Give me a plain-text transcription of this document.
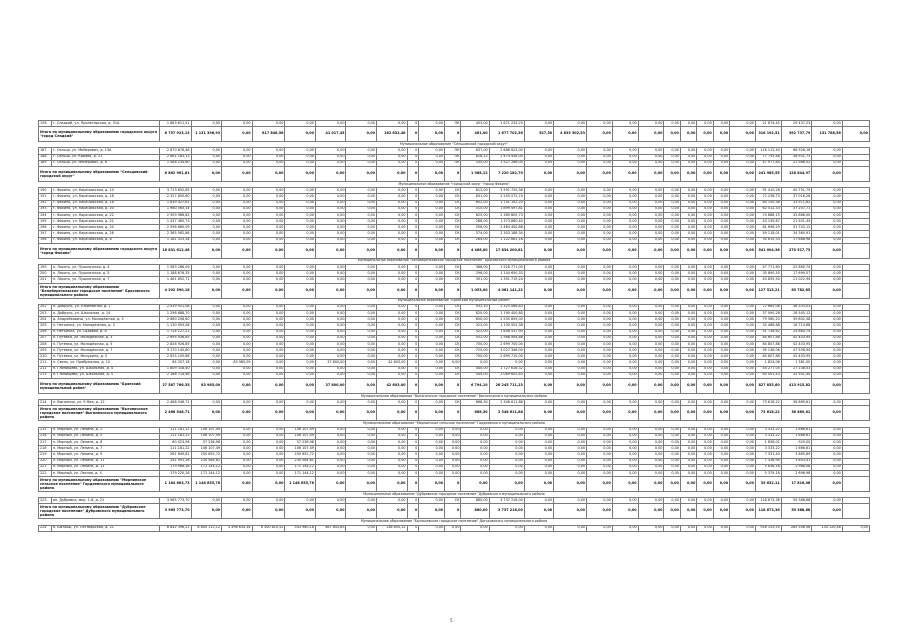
126	г. Сладкий, ул. Пролетарская, д. 31А	1 863 611,51	0,00	0,00	0,00	0,00	0,00	0,00	0,00	0	0,00	ПК	453,00	1 671 233,25	0,00	0,00	0,00	0,00	0,00	0,00	0,00	0,00	0,00	0,00	21 874,45	29 437,23	0,00	
Итого по муниципальному образованию городского округа "город Сладкий"		8 757 923,13	1 131 396,93	0,00	817 848,58	0,00	41 017,45	0,00	182 632,48	0	0,00	X	481,00	1 677 702,36	527,50	4 835 502,53	0,00	0,00	0,00	0,00	0,00	0,00	0,00	0,00	316 192,51	392 737,79	131 788,56	0,00
Муниципальное образование "Сельцовский городской округ"																												
187	г. Сельцо, ул. Мейерович, д. 13А	2 870 878,48	0,00	0,00	0,00	0,00	0,00	0,00	0,00	0	0,00	ПК	837,00	2 686 823,00	0,00	0,00	0,00	0,00	0,00	0,00	0,00	0,00	0,00	0,00	116 112,40	68 926,16	0,00	
188	г. Сельцо, ул. Кирова, д. 21	2 861 163,13	0,00	0,00	0,00	0,00	0,00	0,00	0,00	0	0,00	ПК	816,12	2 474 458,00	0,00	0,00	0,00	0,00	0,00	0,00	0,00	0,00	0,00	0,00	77 755,48	38 931,73	0,00	
189	г. Сельцо, ул. Мейерович, д. 8	1 588 234,60	0,00	0,00	0,00	0,00	0,00	0,00	0,00	0	0,00	ПК	335,00	1 527 286,04	0,00	0,00	0,00	0,00	0,00	0,00	0,00	0,00	0,00	0,00	47 977,84	22 986,52	0,00	
Итого по муниципальному образованию "Сельцовский городской округ"		6 862 961,81	0,00	0,00	0,00	0,00	0,00	0,00	0,00	0	0,00	X	1 988,12	7 220 182,70	0,00	0,00	0,00	0,00	0,00	0,00	0,00	0,00	0,00	0,00	241 985,55	128 844,97	0,00	
Муниципальное образование "городской округ "город Фокино"																												
190	г. Фокино, ул. Карачижская, д. 14	3 713 652,85	0,00	0,00	0,00	0,00	0,00	0,00	0,00	0	0,00	СК	612,00	3 591 720,38	0,00	0,00	0,00	0,00	0,00	0,00	0,00	0,00	0,00	0,00	91 410,26	40 751,79	0,00	
191	г. Фокино, ул. Карачижская, д. 16	2 327 850,60	0,00	0,00	0,00	0,00	0,00	0,00	0,00	0	0,00	СК	831,00	2 255 572,74	0,00	0,00	0,00	0,00	0,00	0,00	0,00	0,00	0,00	0,00	72 236,73	37 016,26	0,00	
192	г. Фокино, ул. Карачижская, д. 18	1 839 427,61	0,00	0,00	0,00	0,00	0,00	0,00	0,00	0	0,00	СК	602,00	1 741 192,20	0,00	0,00	0,00	0,00	0,00	0,00	0,00	0,00	0,00	0,00	64 150,36	33 971,62	0,00	
193	г. Фокино, ул. Карачижская, д. 20	1 980 565,14	0,00	0,00	0,00	0,00	0,00	0,00	0,00	0	0,00	СК	515,00	1 899 497,81	0,00	0,00	0,00	0,00	0,00	0,00	0,00	0,00	0,00	0,00	62 512,33	37 257,71	0,00	
194	г. Фокино, ул. Карачижская, д. 22	2 509 986,82	0,00	0,00	0,00	0,00	0,00	0,00	0,00	0	0,00	СК	625,00	2 389 805,73	0,00	0,00	0,00	0,00	0,00	0,00	0,00	0,00	0,00	0,00	74 888,15	43 886,00	0,00	
195	г. Фокино, ул. Карачижская, д. 22	1 437 465,73	0,00	0,00	0,00	0,00	0,00	0,00	0,00	0	0,00	СК	286,00	1 373 860,44	0,00	0,00	0,00	0,00	0,00	0,00	0,00	0,00	0,00	0,00	43 139,87	21 501,44	0,00	
196	г. Фокино, ул. Карачижская, д. 24	2 598 860,09	0,00	0,00	0,00	0,00	0,00	0,00	0,00	0	0,00	СК	556,00	2 484 400,88	0,00	0,00	0,00	0,00	0,00	0,00	0,00	0,00	0,00	0,00	81 696,29	31 743,12	0,00	
197	г. Фокино, ул. Карачижская, д. 26	2 385 562,86	0,00	0,00	0,00	0,00	0,00	0,00	0,00	0	0,00	СК	574,00	2 303 188,34	0,00	0,00	0,00	0,00	0,00	0,00	0,00	0,00	0,00	0,00	49 118,01	34 360,91	0,00	
198	г. Фокино, ул. Карачижская, д. 8	1 181 315,34	0,00	0,00	0,00	0,00	0,00	0,00	0,00	0	0,00	СК	264,00	1 122 661,18	0,00	0,00	0,00	0,00	0,00	0,00	0,00	0,00	0,00	0,00	35 615,33	17 688,98	0,00	
Итого по муниципальному образованию городского округа "город Фокино"		18 831 612,48	0,00	0,00	0,00	0,00	0,00	0,00	0,00	0	0,00	X	4 466,00	17 834 200,81	0,00	0,00	0,00	0,00	0,00	0,00	0,00	0,00	0,00	0,00	541 004,38	270 517,73	0,00	
Муниципальное образование "Белоберезковское городское поселение" Брасовского муниципального района																												
199	п. Локоть, ул. Пушкинская, д. 4	1 563 286,09	0,00	0,00	0,00	0,00	0,00	0,00	0,00	0	0,00	СК	366,00	1 528 771,00	0,00	0,00	0,00	0,00	0,00	0,00	0,00	0,00	0,00	0,00	47 771,60	22 660,74	0,00	
200	п. Локоть, ул. Пушкинская, д. 5	1 188 676,35	0,00	0,00	0,00	0,00	0,00	0,00	0,00	0	0,00	СК	296,00	1 144 650,33	0,00	0,00	0,00	0,00	0,00	0,00	0,00	0,00	0,00	0,00	35 890,55	17 699,57	0,00	
201	п. Локоть, ул. Пушкинская, д. 7	1 461 652,71	0,00	0,00	0,00	0,00	0,00	0,00	0,00	0	0,00	СК	391,00	1 391 719,24	0,00	0,00	0,00	0,00	0,00	0,00	0,00	0,00	0,00	0,00	43 855,50	21 022,94	0,00	
Итого по муниципальному образованию "Белоберезковское городское поселение" Брасовского муниципального района		4 202 590,18	0,00	0,00	0,00	0,00	0,00	0,00	0,00	0	0,00	X	1 053,00	4 061 141,22	0,00	0,00	0,00	0,00	0,00	0,00	0,00	0,00	0,00	0,00	127 515,21	63 782,85	0,00	
Муниципальное образование "Брянский муниципальный район"																												
202	п. Добрунь, ул. Юбилейная, д. 1	2 439 921,08	0,00	0,00	0,00	0,00	0,00	0,00	0,00	0	0,00	СК	932,10	2 325 068,83	0,00	0,00	0,00	0,00	0,00	0,00	0,00	0,00	0,00	0,00	72 665,06	36 333,03	0,00	
203	п. Добрунь, ул. Школьная, д. 14	1 298 688,70	0,00	0,00	0,00	0,00	0,00	0,00	0,00	0	0,00	СК	820,00	1 190 400,80	0,00	0,00	0,00	0,00	0,00	0,00	0,00	0,00	0,00	0,00	37 090,28	18 545,12	0,00	
204	д. Андрейковичи, ул. Молодёжная, д. 5	2 660 208,80	0,00	0,00	0,00	0,00	0,00	0,00	0,00	0	0,00	СК	650,00	2 535 859,00	0,00	0,00	0,00	0,00	0,00	0,00	0,00	0,00	0,00	0,00	79 560,20	39 802,58	0,00	
205	п. Нетьинка, ул. Молодёжная, д. 3	1 130 955,08	0,00	0,00	0,00	0,00	0,00	0,00	0,00	0	0,00	СК	322,00	1 130 922,38	0,00	0,00	0,00	0,00	0,00	0,00	0,00	0,00	0,00	0,00	32 488,68	16 714,68	0,00	
206	п. Нетьинка, ул. Садовая, д. 8	1 724 127,21	0,00	0,00	0,00	0,00	0,00	0,00	0,00	0	0,00	СК	422,00	1 646 537,90	0,00	0,00	0,00	0,00	0,00	0,00	0,00	0,00	0,00	0,00	51 738,62	25 860,74	0,00	
207	п. Путёвка, ул. Молодёжная, д. 3	2 695 936,85	0,00	0,00	0,00	0,00	0,00	0,00	0,00	0	0,00	СК	552,00	2 566 944,88	0,00	0,00	0,00	0,00	0,00	0,00	0,00	0,00	0,00	0,00	84 607,88	42 403,95	0,00	
208	п. Путёвка, ул. Молодёжная, д. 5	2 826 926,85	0,00	0,00	0,00	0,00	0,00	0,00	0,00	0	0,00	СК	700,00	2 699 700,00	0,00	0,00	0,00	0,00	0,00	0,00	0,00	0,00	0,00	0,00	84 807,88	42 403,95	0,00	
209	п. Путёвка, ул. Молодёжная, д. 7	3 170 140,80	0,00	0,00	0,00	0,00	0,00	0,00	0,00	0	0,00	СК	725,00	3 027 346,00	0,00	0,00	0,00	0,00	0,00	0,00	0,00	0,00	0,00	0,00	95 136,06	47 558,94	0,00	
210	п. Путёвка, ул. Мичурина, д. 5	2 825 105,86	0,00	0,00	0,00	0,00	0,00	0,00	0,00	0	0,00	СК	700,00	2 699 710,00	0,00	0,00	0,00	0,00	0,00	0,00	0,00	0,00	0,00	0,00	84 807,88	42 403,95	0,00	
211	п. Свень, ул. Прибрежная, д. 10	84 207,18	0,00	83 985,09	0,00	0,00	37 800,00	0,00	42 603,00	0	0,00	0,00	0,00	0,00	0,00	0,00	0,00	0,00	0,00	0,00	0,00	0,00	0,00	0,00	1 824,06	1 381,00	0,00	
212	п. Глинищево, ул. Школьная, д. 4	1 809 318,40	0,00	0,00	0,00	0,00	0,00	0,00	0,00	0	0,00	СК	440,00	1 727 618,32	0,00	0,00	0,00	0,00	0,00	0,00	0,00	0,00	0,00	0,00	54 277,05	27 138,53	0,00	
213	п. Глинищево, ул. Школьная, д. 5	2 166 714,46	0,00	0,00	0,00	0,00	0,00	0,00	0,00	0	0,00	СК	544,00	2 069 602,83	0,00	0,00	0,00	0,00	0,00	0,00	0,00	0,00	0,00	0,00	65 001,43	32 501,40	0,00	
Итого по муниципальному образованию "Брянский муниципальный район"		27 587 766,35	83 985,00	0,00	0,00	0,00	37 800,00	0,00	42 603,00	0	0,00	X	6 794,10	26 245 711,23	0,00	0,00	0,00	0,00	0,00	0,00	0,00	0,00	0,00	0,00	827 835,60	413 915,82	0,00	
Муниципальное образование "Выгоничское городское поселение" Выгоничского муниципального района																												
214	п. Выгоничи, ул. 9 Мая, д. 12	2 468 546,71	0,00	0,00	0,00	0,00	0,00	0,00	0,00	0	0,00	СК	668,30	2 348 611,88	0,00	0,00	0,00	0,00	0,00	0,00	0,00	0,00	0,00	0,00	73 618,22	36 889,61	0,00	
Итого по муниципальному образованию "Выгоничское городское поселение" Выгоничского муниципального района		2 468 546,71	0,00	0,00	0,00	0,00	0,00	0,00	0,00	0	0,00	X	668,30	2 348 611,88	0,00	0,00	0,00	0,00	0,00	0,00	0,00	0,00	0,00	0,00	73 618,22	36 889,61	0,00	
Муниципальное образование "Мирнинское сельское поселение" Гордеевского муниципального района																												
215	п. Мирный, ул. Ленина, д. 2	111 181,22	106 107,49	0,00	0,00	106 107,49	0,00	0,00	0,00	0	0,00	0,00	0,00	0,00	0,00	0,00	0,00	0,00	0,00	0,00	0,00	0,00	0,00	0,00	3 333,22	1 666,61	0,00	
216	п. Мирный, ул. Ленина, д. 5	111 181,22	106 107,49	0,00	0,00	106 107,49	0,00	0,00	0,00	0	0,00	0,00	0,00	0,00	0,00	0,00	0,00	0,00	0,00	0,00	0,00	0,00	0,00	0,00	3 333,22	1 666,61	0,00	
217	п. Мирный, ул. Ленина, д. 6	60 023,96	57 236,98	0,00	0,00	57 236,98	0,00	0,00	0,00	0	0,00	0,00	0,00	0,00	0,00	0,00	0,00	0,00	0,00	0,00	0,00	0,00	0,00	0,00	1 858,01	929,00	0,00	
218	п. Мирный, ул. Ленина, д. 7	111 181,22	106 107,49	0,00	0,00	106 107,49	0,00	0,00	0,00	0	0,00	0,00	0,00	0,00	0,00	0,00	0,00	0,00	0,00	0,00	0,00	0,00	0,00	0,00	3 333,22	1 666,61	0,00	
219	п. Мирный, ул. Ленина, д. 9	261 649,81	250 652,72	0,00	0,00	250 652,72	0,00	0,00	0,00	0	0,00	0,00	0,00	0,00	0,00	0,00	0,00	0,00	0,00	0,00	0,00	0,00	0,00	0,00	7 331,40	3 665,69	0,00	
220	п. Мирный, ул. Ленина, д. 11	241 091,26	230 584,81	0,00	0,00	230 584,81	0,00	0,00	0,00	0	0,00	0,00	0,00	0,00	0,00	0,00	0,00	0,00	0,00	0,00	0,00	0,00	0,00	0,00	7 336,94	3 653,41	0,00	
221	п. Мирный, ул. Ленина, д. 13	179 968,38	171 144,12	0,00	0,00	171 144,12	0,00	0,00	0,00	0	0,00	0,00	0,00	0,00	0,00	0,00	0,00	0,00	0,00	0,00	0,00	0,00	0,00	0,00	5 836,18	2 968,08	0,00	
222	п. Мирный, ул. Лесная, д. 4	179 220,26	171 144,12	0,00	0,00	171 144,12	0,00	0,00	0,00	0	0,00	0,00	0,00	0,00	0,00	0,00	0,00	0,00	0,00	0,00	0,00	0,00	0,00	0,00	5 379,16	2 696,98	0,00	
Итого по муниципальному образованию "Мирнинское сельское поселение" Гордеевского муниципального района		1 184 683,73	1 148 655,76	0,00	0,00	1 148 655,76	0,00	0,00	0,00	0	0,00	X	0,00	0,00	0,00	0,00	0,00	0,00	0,00	0,00	0,00	0,00	0,00	0,00	35 632,11	17 816,06	0,00	
Муниципальное образование "Дубровское городское поселение" Дубровского муниципального района																												
223	рп. Дубровка, мкр. 1-й, д. 21	3 965 773,70	0,00	0,00	0,00	0,00	0,00	0,00	0,00	0	0,00	СК	880,00	3 737 216,00	0,00	0,00	0,00	0,00	0,00	0,00	0,00	0,00	0,00	0,00	118 673,36	59 388,68	0,00	
Итого по муниципальному образованию "Дубровское городское поселение" Дубровского муниципального района		3 965 773,70	0,00	0,00	0,00	0,00	0,00	0,00	0,00	0	0,00	X	880,00	3 737 216,00	0,00	0,00	0,00	0,00	0,00	0,00	0,00	0,00	0,00	0,00	118 673,36	59 388,68	0,00	
Муниципальное образование "Бытошевское городское поселение" Дятьковского муниципального района																												
224	п. Бытошь, ул. Октябрьская, д. 21	6 842 396,21	6 800 112,12	3 396 634,34	6 300 810,52	543 960,18	467 843,85	0,00	138 650,12	0	0,00	0,00	0,00	0,00	0,00	0,00	0,00	0,00	0,00	0,00	0,00	0,00	0,00	0,00	916 153,55	285 356,56	134 120,48	0,00
5
